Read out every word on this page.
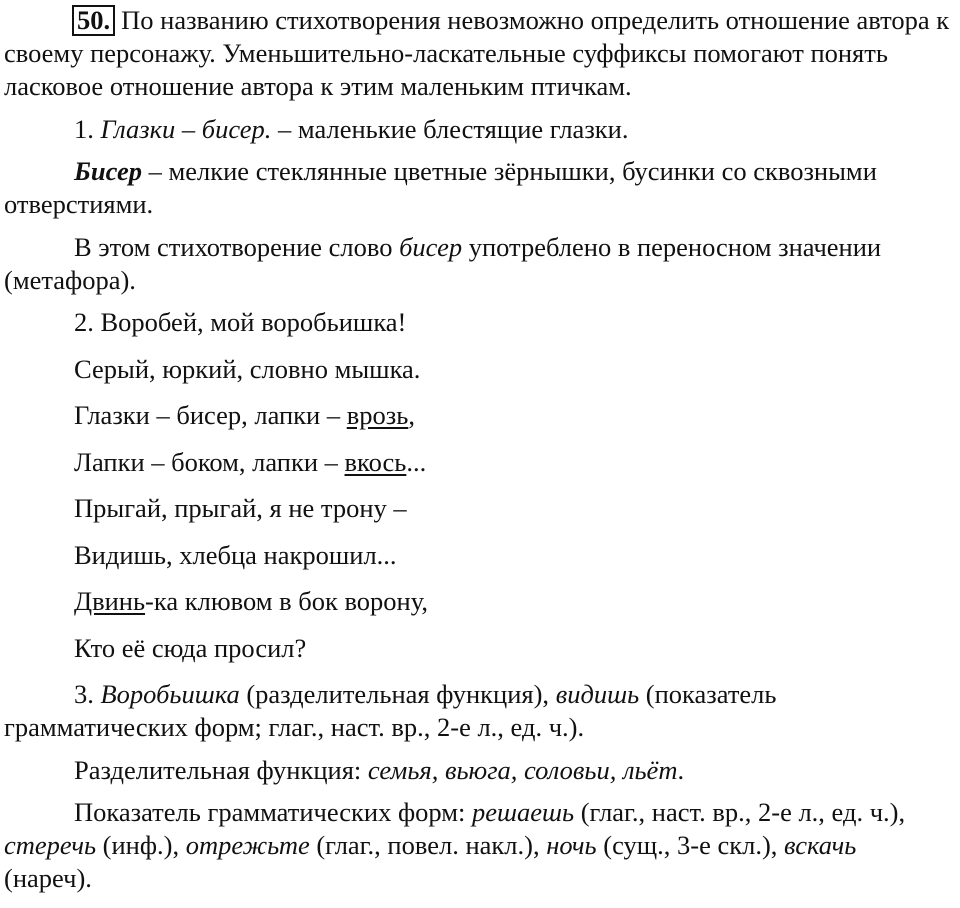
50. По названию стихотворения невозможно определить отношение автора к своему персонажу. Уменьшительно-ласкательные суффиксы помогают понять ласковое отношение автора к этим маленьким птичкам.

1. Глазки – бисер. – маленькие блестящие глазки.

Бисер – мелкие стеклянные цветные зёрнышки, бусинки со сквозными отверстиями.

В этом стихотворение слово бисер употреблено в переносном значении (метафора).

2. Воробей, мой воробьишка!

Серый, юркий, словно мышка.

Глазки – бисер, лапки – врозь,

Лапки – боком, лапки – вкось...

Прыгай, прыгай, я не трону –

Видишь, хлебца накрошил...

Двинь-ка клювом в бок ворону,

Кто её сюда просил?

3. Воробьишка (разделительная функция), видишь (показатель грамматических форм; глаг., наст. вр., 2-е л., ед. ч.).

Разделительная функция: семья, вьюга, соловьи, льёт.

Показатель грамматических форм: решаешь (глаг., наст. вр., 2-е л., ед. ч.), стеречь (инф.), отрежьте (глаг., повел. накл.), ночь (сущ., 3-е скл.), вскачь (нареч).
